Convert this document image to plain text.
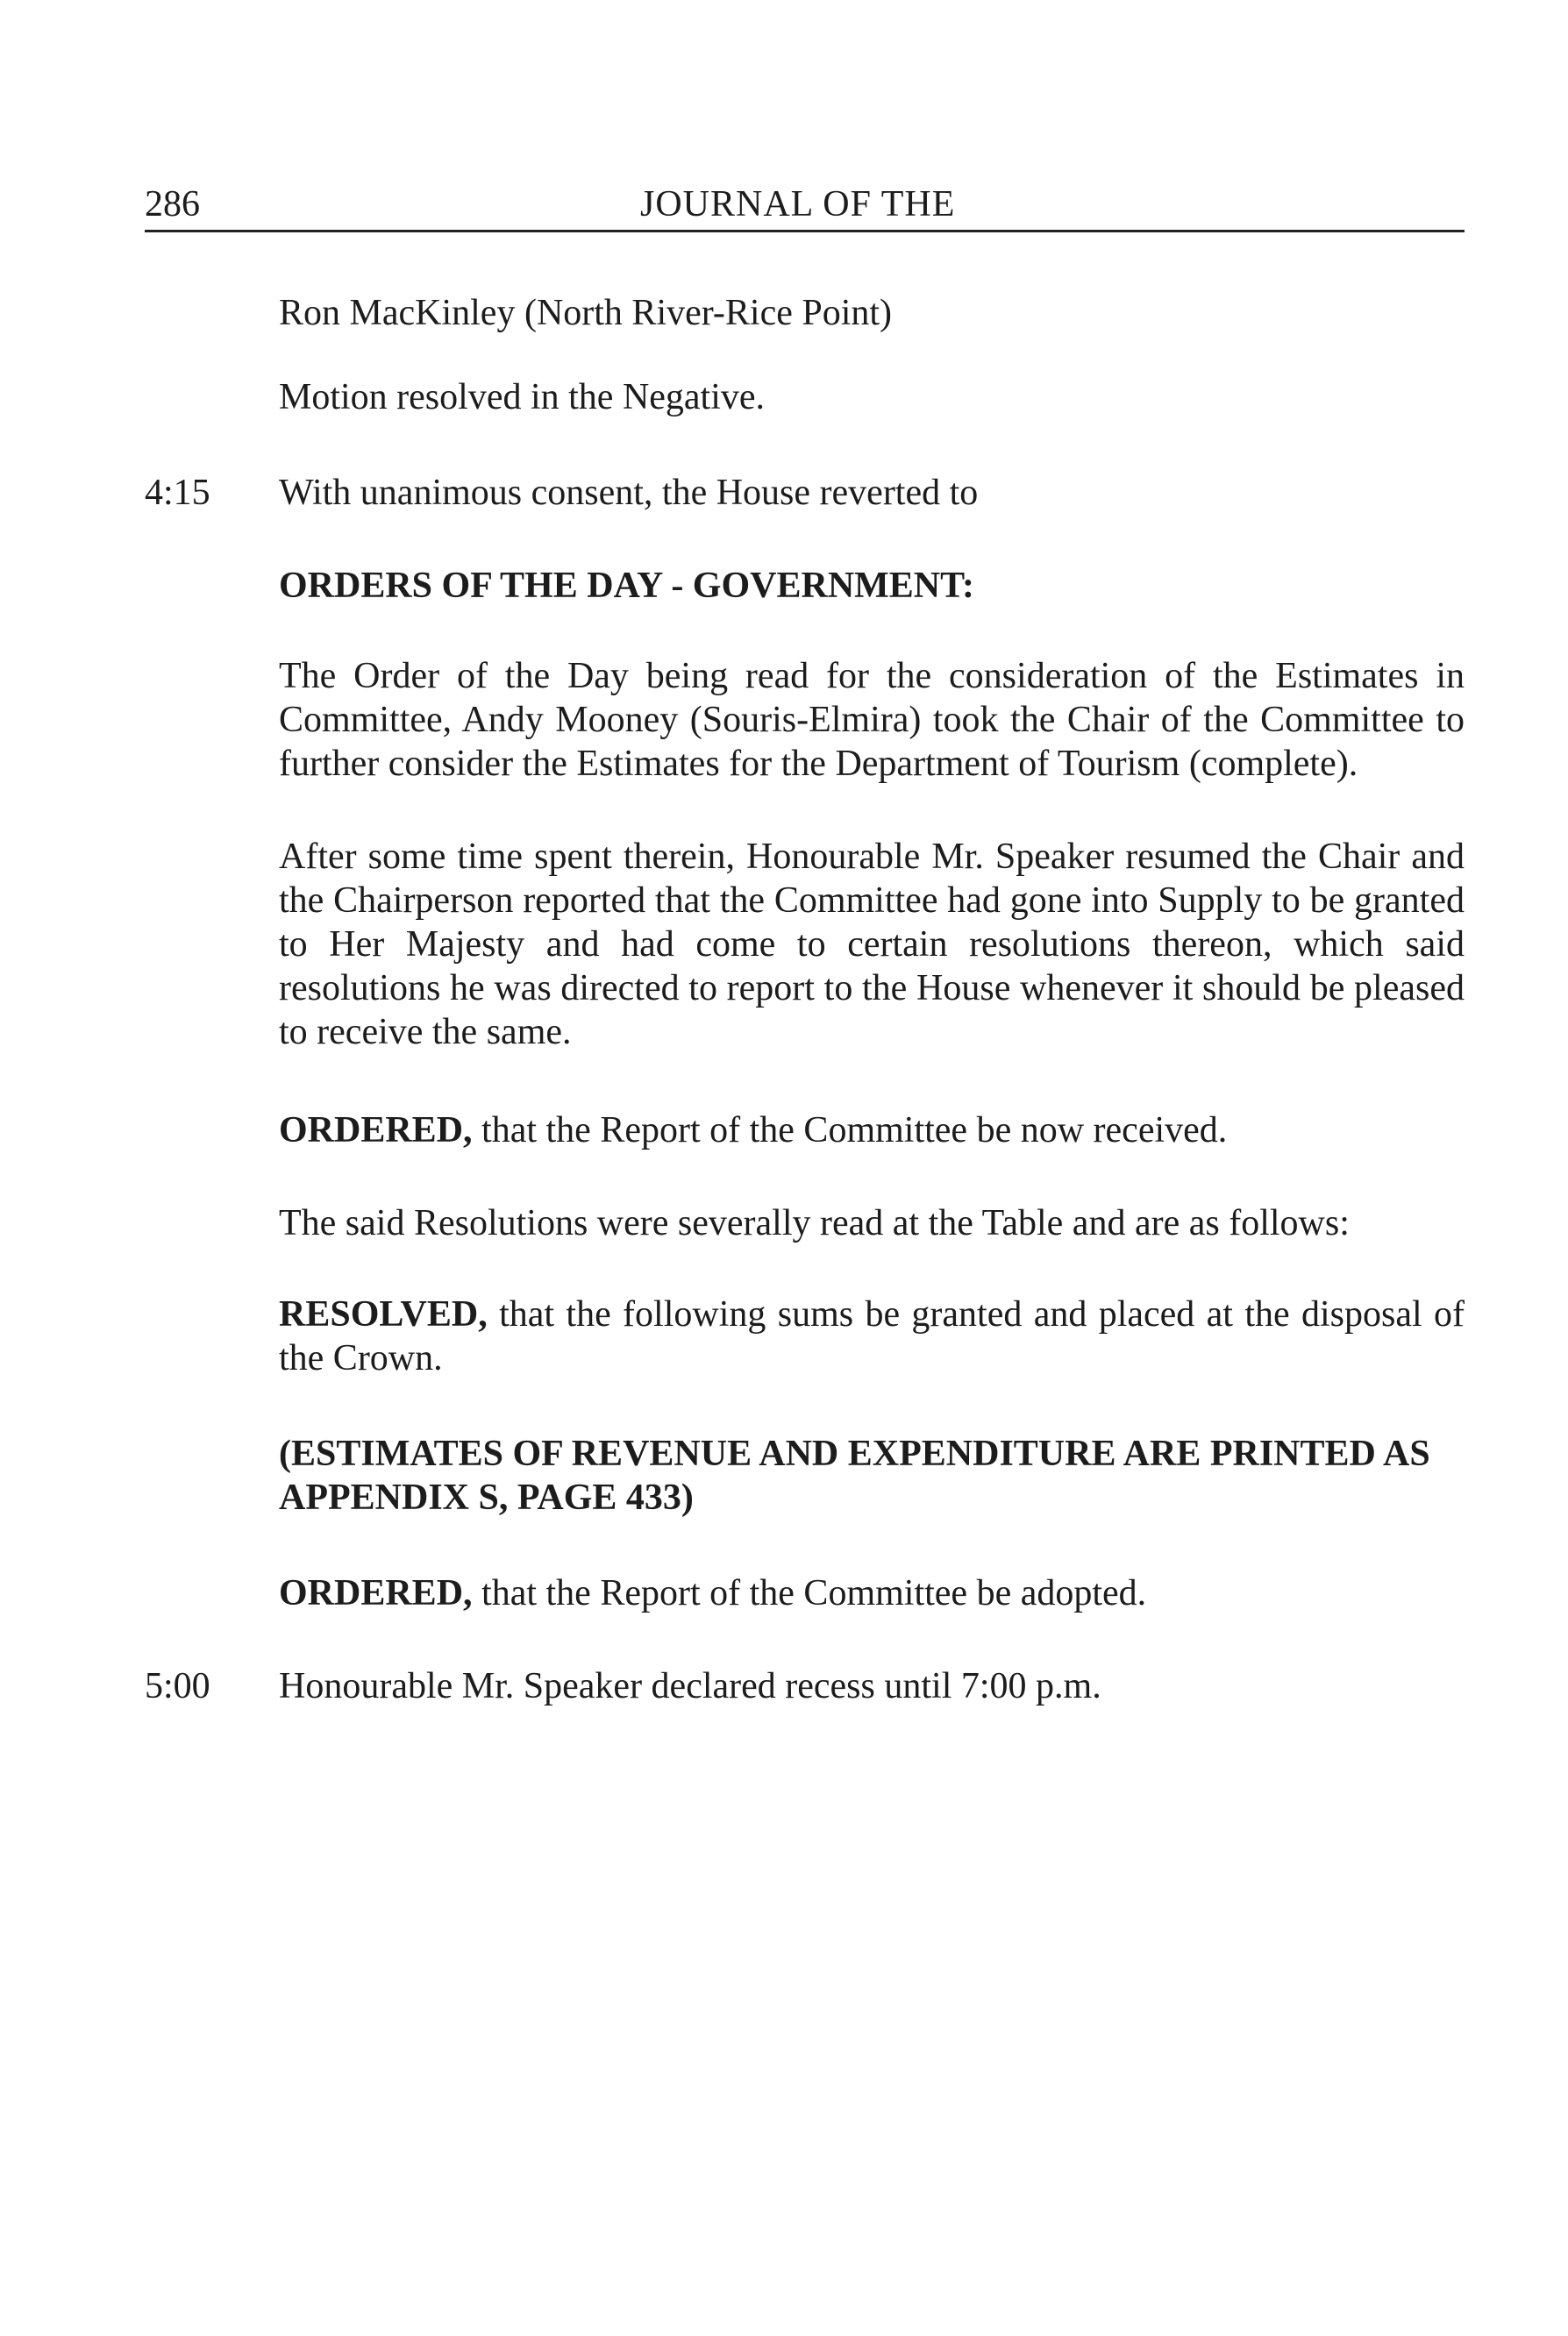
286	JOURNAL OF THE

Ron MacKinley (North River-Rice Point)

Motion resolved in the Negative.

4:15 With unanimous consent, the House reverted to

ORDERS OF THE DAY - GOVERNMENT:

The Order of the Day being read for the consideration of the Estimates in Committee, Andy Mooney (Souris-Elmira) took the Chair of the Committee to further consider the Estimates for the Department of Tourism (complete).

After some time spent therein, Honourable Mr. Speaker resumed the Chair and the Chairperson reported that the Committee had gone into Supply to be granted to Her Majesty and had come to certain resolutions thereon, which said resolutions he was directed to report to the House whenever it should be pleased to receive the same.

ORDERED, that the Report of the Committee be now received.

The said Resolutions were severally read at the Table and are as follows:

RESOLVED, that the following sums be granted and placed at the disposal of the Crown.

(ESTIMATES OF REVENUE AND EXPENDITURE ARE PRINTED AS APPENDIX S, PAGE 433)

ORDERED, that the Report of the Committee be adopted.

5:00 Honourable Mr. Speaker declared recess until 7:00 p.m.
